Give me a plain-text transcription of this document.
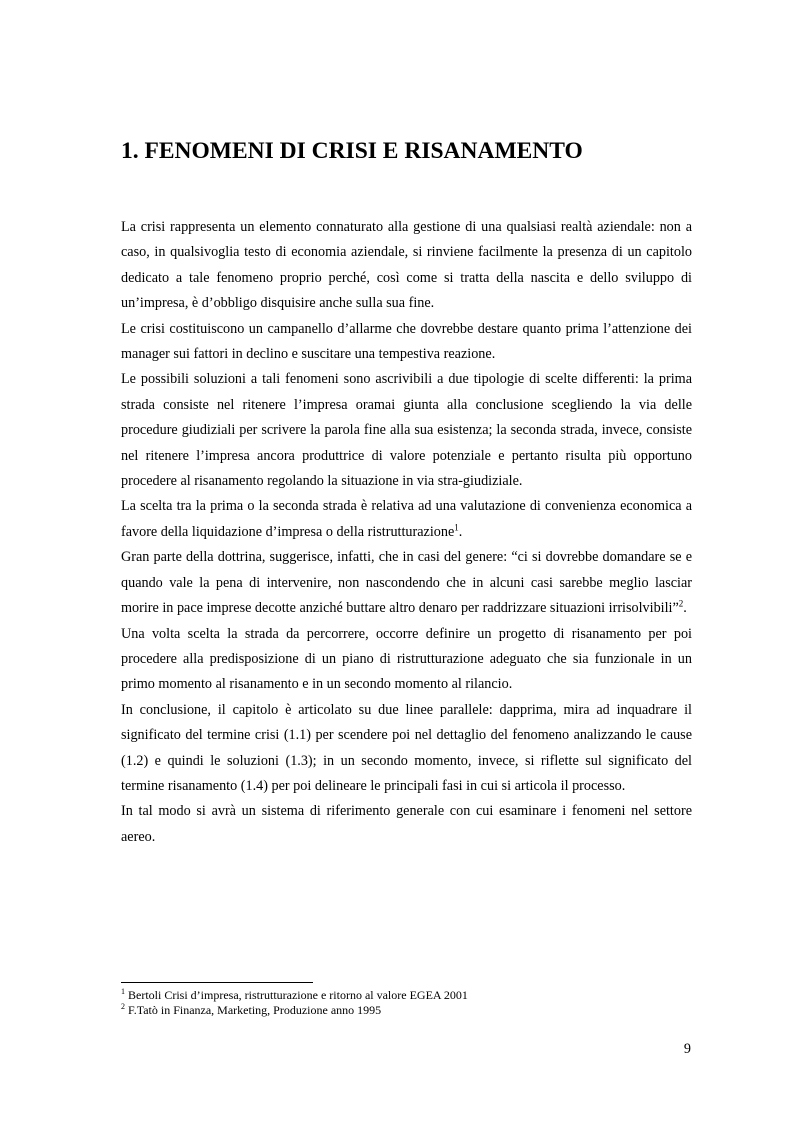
1. FENOMENI DI CRISI E RISANAMENTO

La crisi rappresenta un elemento connaturato alla gestione di una qualsiasi realtà aziendale: non a caso, in qualsivoglia testo di economia aziendale, si rinviene facilmente la presenza di un capitolo dedicato a tale fenomeno proprio perché, così come si tratta della nascita e dello sviluppo di un’impresa, è d’obbligo disquisire anche sulla sua fine.

Le crisi costituiscono un campanello d’allarme che dovrebbe destare quanto prima l’attenzione dei manager sui fattori in declino e suscitare una tempestiva reazione.

Le possibili soluzioni a tali fenomeni sono ascrivibili a due tipologie di scelte differenti: la prima strada consiste nel ritenere l’impresa oramai giunta alla conclusione scegliendo la via delle procedure giudiziali per scrivere la parola fine alla sua esistenza; la seconda strada, invece, consiste nel ritenere l’impresa ancora produttrice di valore potenziale e pertanto risulta più opportuno procedere al risanamento regolando la situazione in via stra-giudiziale.

La scelta tra la prima o la seconda strada è relativa ad una valutazione di convenienza economica a favore della liquidazione d’impresa o della ristrutturazione$^1$.

Gran parte della dottrina, suggerisce, infatti, che in casi del genere: “ci si dovrebbe domandare se e quando vale la pena di intervenire, non nascondendo che in alcuni casi sarebbe meglio lasciar morire in pace imprese decotte anziché buttare altro denaro per raddrizzare situazioni irrisolvibili”$^2$.

Una volta scelta la strada da percorrere, occorre definire un progetto di risanamento per poi procedere alla predisposizione di un piano di ristrutturazione adeguato che sia funzionale in un primo momento al risanamento e in un secondo momento al rilancio.

In conclusione, il capitolo è articolato su due linee parallele: dapprima, mira ad inquadrare il significato del termine crisi (1.1) per scendere poi nel dettaglio del fenomeno analizzando le cause (1.2) e quindi le soluzioni (1.3); in un secondo momento, invece, si riflette sul significato del termine risanamento (1.4) per poi delineare le principali fasi in cui si articola il processo.

In tal modo si avrà un sistema di riferimento generale con cui esaminare i fenomeni nel settore aereo.

$^1$ Bertoli Crisi d’impresa, ristrutturazione e ritorno al valore EGEA 2001

$^2$ F.Tatò in Finanza, Marketing, Produzione anno 1995

9
